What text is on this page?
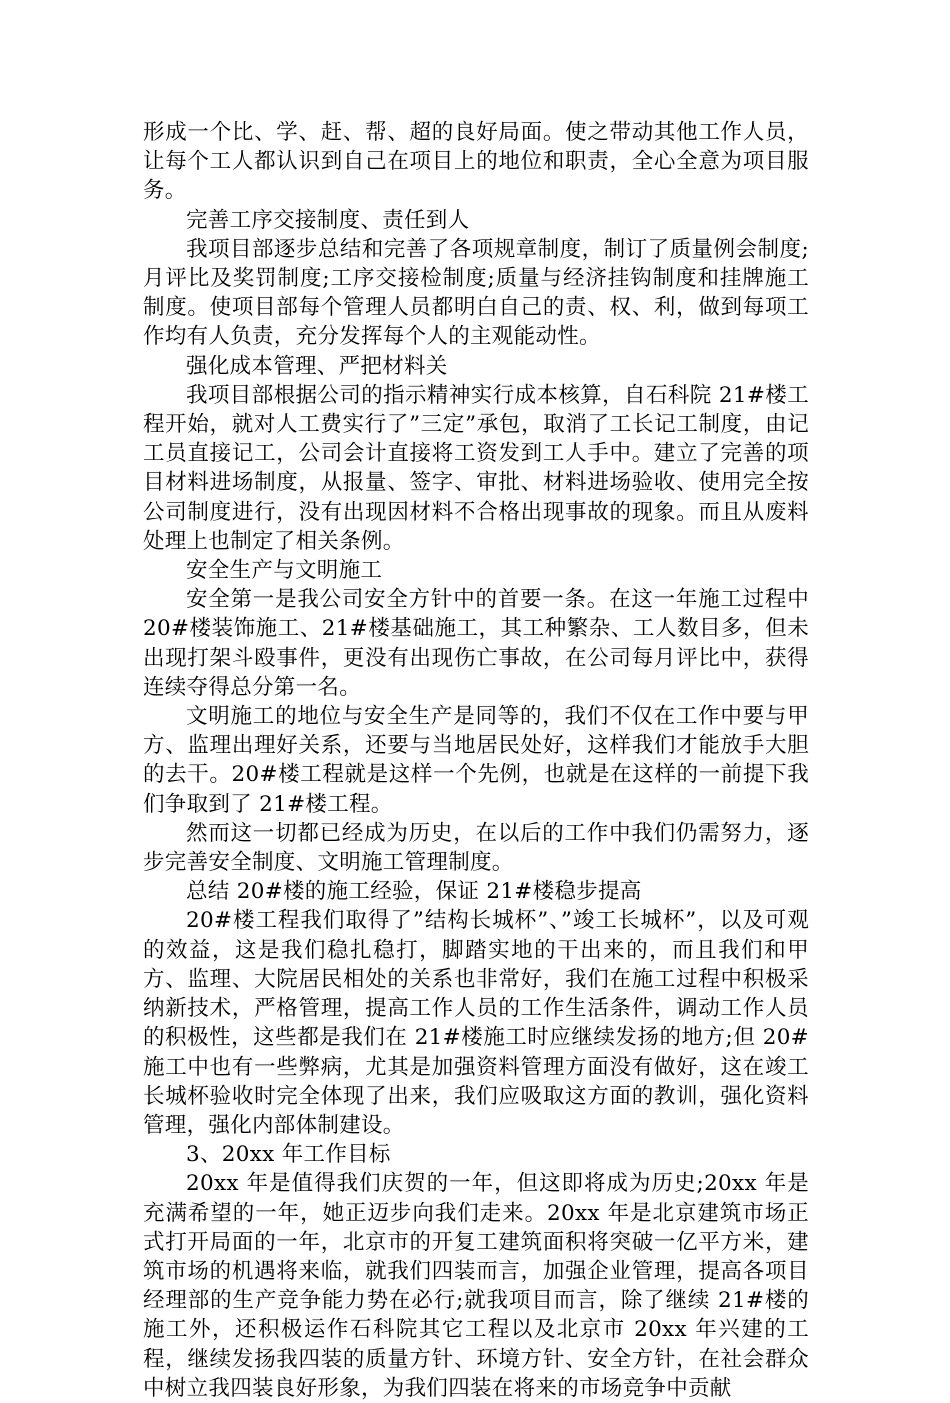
形成一个比、学、赶、帮、超的良好局面。使之带动其他工作人员，让每个工人都认识到自己在项目上的地位和职责，全心全意为项目服务。

完善工序交接制度、责任到人

我项目部逐步总结和完善了各项规章制度，制订了质量例会制度;月评比及奖罚制度;工序交接检制度;质量与经济挂钩制度和挂牌施工制度。使项目部每个管理人员都明白自己的责、权、利，做到每项工作均有人负责，充分发挥每个人的主观能动性。

强化成本管理、严把材料关

我项目部根据公司的指示精神实行成本核算，自石科院 21#楼工程开始，就对人工费实行了”三定”承包，取消了工长记工制度，由记工员直接记工，公司会计直接将工资发到工人手中。建立了完善的项目材料进场制度，从报量、签字、审批、材料进场验收、使用完全按公司制度进行，没有出现因材料不合格出现事故的现象。而且从废料处理上也制定了相关条例。

安全生产与文明施工

安全第一是我公司安全方针中的首要一条。在这一年施工过程中 20#楼装饰施工、21#楼基础施工，其工种繁杂、工人数目多，但未出现打架斗殴事件，更没有出现伤亡事故，在公司每月评比中，获得连续夺得总分第一名。

文明施工的地位与安全生产是同等的，我们不仅在工作中要与甲方、监理出理好关系，还要与当地居民处好，这样我们才能放手大胆的去干。20#楼工程就是这样一个先例，也就是在这样的一前提下我们争取到了 21#楼工程。

然而这一切都已经成为历史，在以后的工作中我们仍需努力，逐步完善安全制度、文明施工管理制度。

总结 20#楼的施工经验，保证 21#楼稳步提高

20#楼工程我们取得了”结构长城杯”、”竣工长城杯”，以及可观的效益，这是我们稳扎稳打，脚踏实地的干出来的，而且我们和甲方、监理、大院居民相处的关系也非常好，我们在施工过程中积极采纳新技术，严格管理，提高工作人员的工作生活条件，调动工作人员的积极性，这些都是我们在 21#楼施工时应继续发扬的地方;但 20#施工中也有一些弊病，尤其是加强资料管理方面没有做好，这在竣工长城杯验收时完全体现了出来，我们应吸取这方面的教训，强化资料管理，强化内部体制建设。

3、20xx 年工作目标

20xx 年是值得我们庆贺的一年，但这即将成为历史;20xx 年是充满希望的一年，她正迈步向我们走来。20xx 年是北京建筑市场正式打开局面的一年，北京市的开复工建筑面积将突破一亿平方米，建筑市场的机遇将来临，就我们四装而言，加强企业管理，提高各项目经理部的生产竞争能力势在必行;就我项目而言，除了继续 21#楼的施工外，还积极运作石科院其它工程以及北京市 20xx 年兴建的工程，继续发扬我四装的质量方针、环境方针、安全方针，在社会群众中树立我四装良好形象，为我们四装在将来的市场竞争中贡献
